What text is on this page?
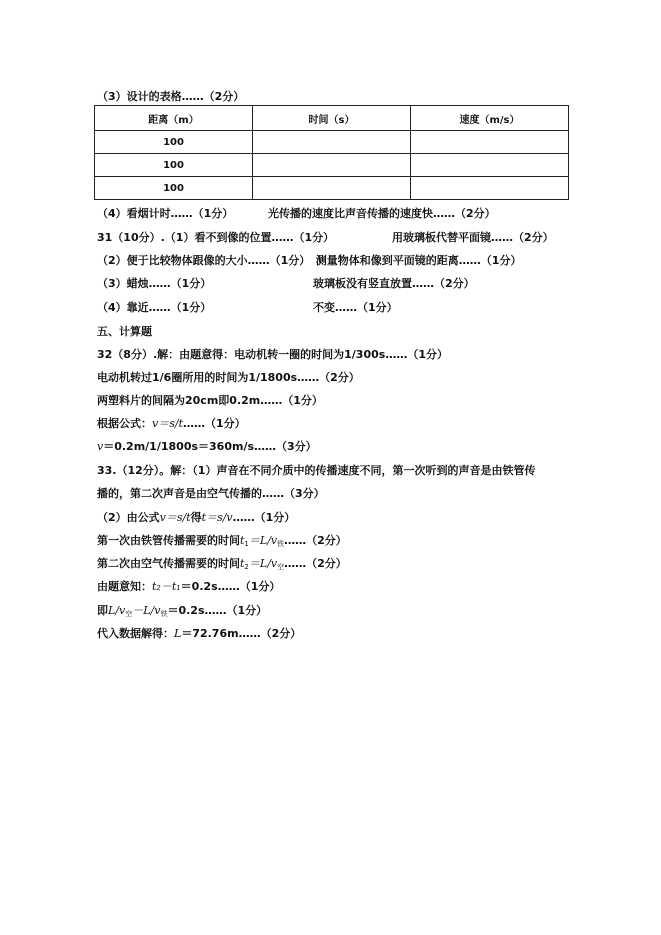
（3）设计的表格……（2分）
距离（m）	时间（s）	速度（m/s）
100		
100		
100		
（4）看烟计时……（1分）	光传播的速度比声音传播的速度快……（2分）
31（10分）.（1）看不到像的位置……（1分）	用玻璃板代替平面镜……（2分）
（2）便于比较物体跟像的大小……（1分）　测量物体和像到平面镜的距离……（1分）
（3）蜡烛……（1分）	玻璃板没有竖直放置……（2分）
（4）靠近……（1分）	不变……（1分）
五、计算题
32（8分）.解：由题意得：电动机转一圈的时间为1/300s……（1分）
电动机转过1/6圈所用的时间为1/1800s……（2分）
两塑料片的间隔为20cm即0.2m……（1分）
根据公式：v＝s/t……（1分）
v＝0.2m/1/1800s＝360m/s……（3分）
33.（12分）。解：（1）声音在不同介质中的传播速度不同，第一次听到的声音是由铁管传
播的，第二次声音是由空气传播的……（3分）
（2）由公式v＝s/t得t＝s/v……（1分）
第一次由铁管传播需要的时间$t_1=L/v_铁\dots\dots(2$分）
第二次由空气传播需要的时间$t_2=L/v_空\dots\dots(2$分）
由题意知：t₂－t₁＝0.2s……（1分）
即$L/v_空-L/v_铁=0.2s\dots\dots(1$分）
代入数据解得：L＝72.76m……（2分）
